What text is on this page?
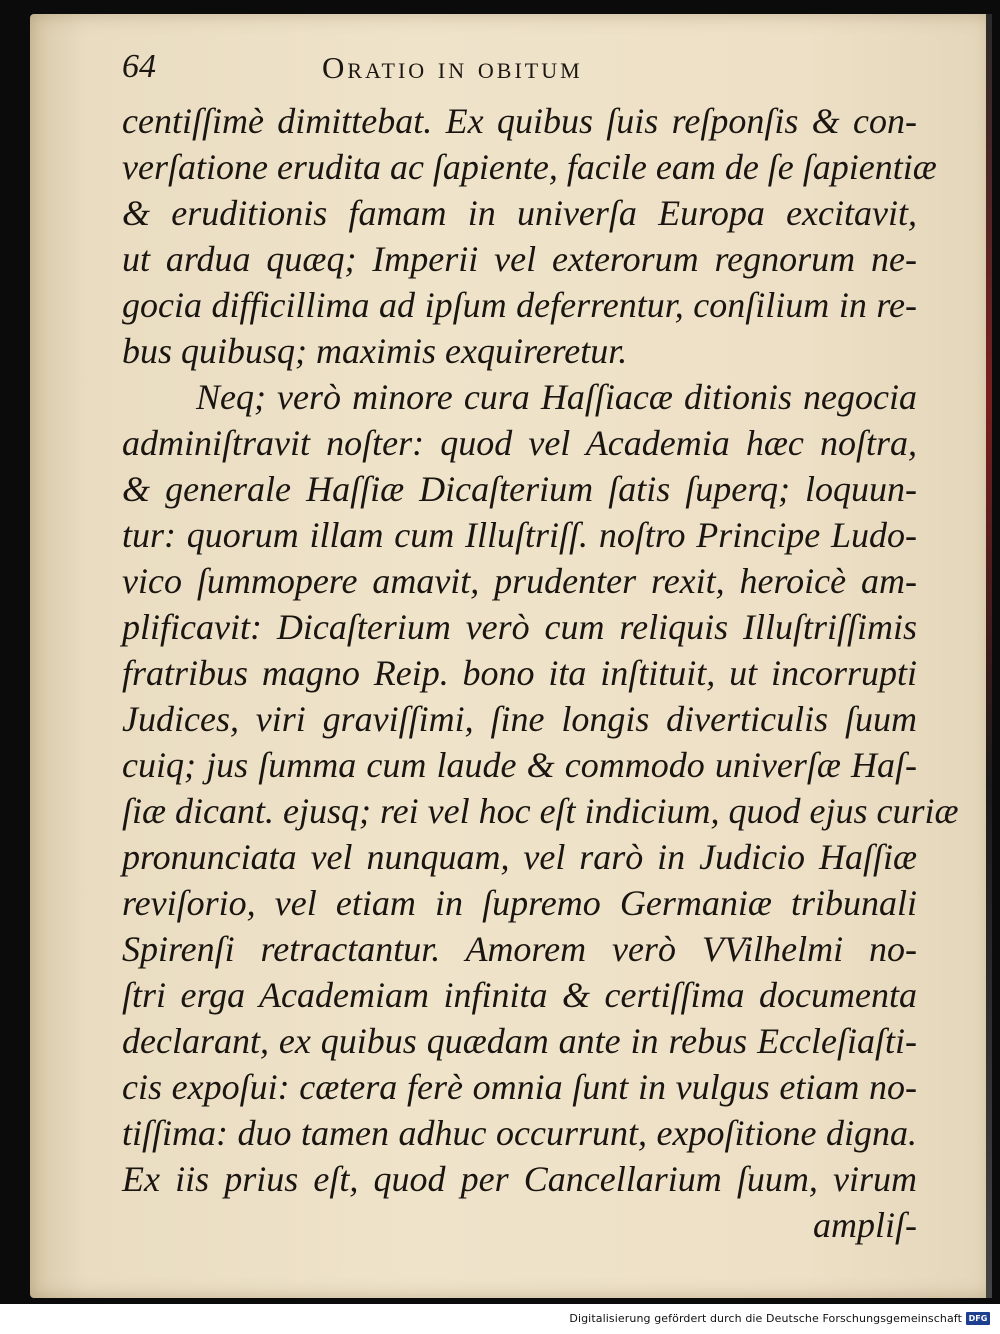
64	Oratio in obitum
centiſſimè dimittebat. Ex quibus ſuis reſponſis & con-
verſatione erudita ac ſapiente, facile eam de ſe ſapientiæ
& eruditionis famam in univerſa Europa excitavit,
ut ardua quæq; Imperii vel exterorum regnorum ne-
gocia difficillima ad ipſum deferrentur, conſilium in re-
bus quibusq; maximis exquireretur.
Neq; verò minore cura Haſſiacæ ditionis negocia
adminiſtravit noſter: quod vel Academia hæc noſtra,
& generale Haſſiæ Dicaſterium ſatis ſuperq; loquun-
tur: quorum illam cum Illuſtriſſ. noſtro Principe Ludo-
vico ſummopere amavit, prudenter rexit, heroicè am-
plificavit: Dicaſterium verò cum reliquis Illuſtriſſimis
fratribus magno Reip. bono ita inſtituit, ut incorrupti
Judices, viri graviſſimi, ſine longis diverticulis ſuum
cuiq; jus ſumma cum laude & commodo univerſæ Haſ-
ſiæ dicant. ejusq; rei vel hoc eſt indicium, quod ejus curiæ
pronunciata vel nunquam, vel rarò in Judicio Haſſiæ
reviſorio, vel etiam in ſupremo Germaniæ tribunali
Spirenſi retractantur. Amorem verò VVilhelmi no-
ſtri erga Academiam infinita & certiſſima documenta
declarant, ex quibus quædam ante in rebus Eccleſiaſti-
cis expoſui: cætera ferè omnia ſunt in vulgus etiam no-
tiſſima: duo tamen adhuc occurrunt, expoſitione digna.
Ex iis prius eſt, quod per Cancellarium ſuum, virum
ampliſ-
Digitalisierung gefördert durch die Deutsche Forschungsgemeinschaft DFG
